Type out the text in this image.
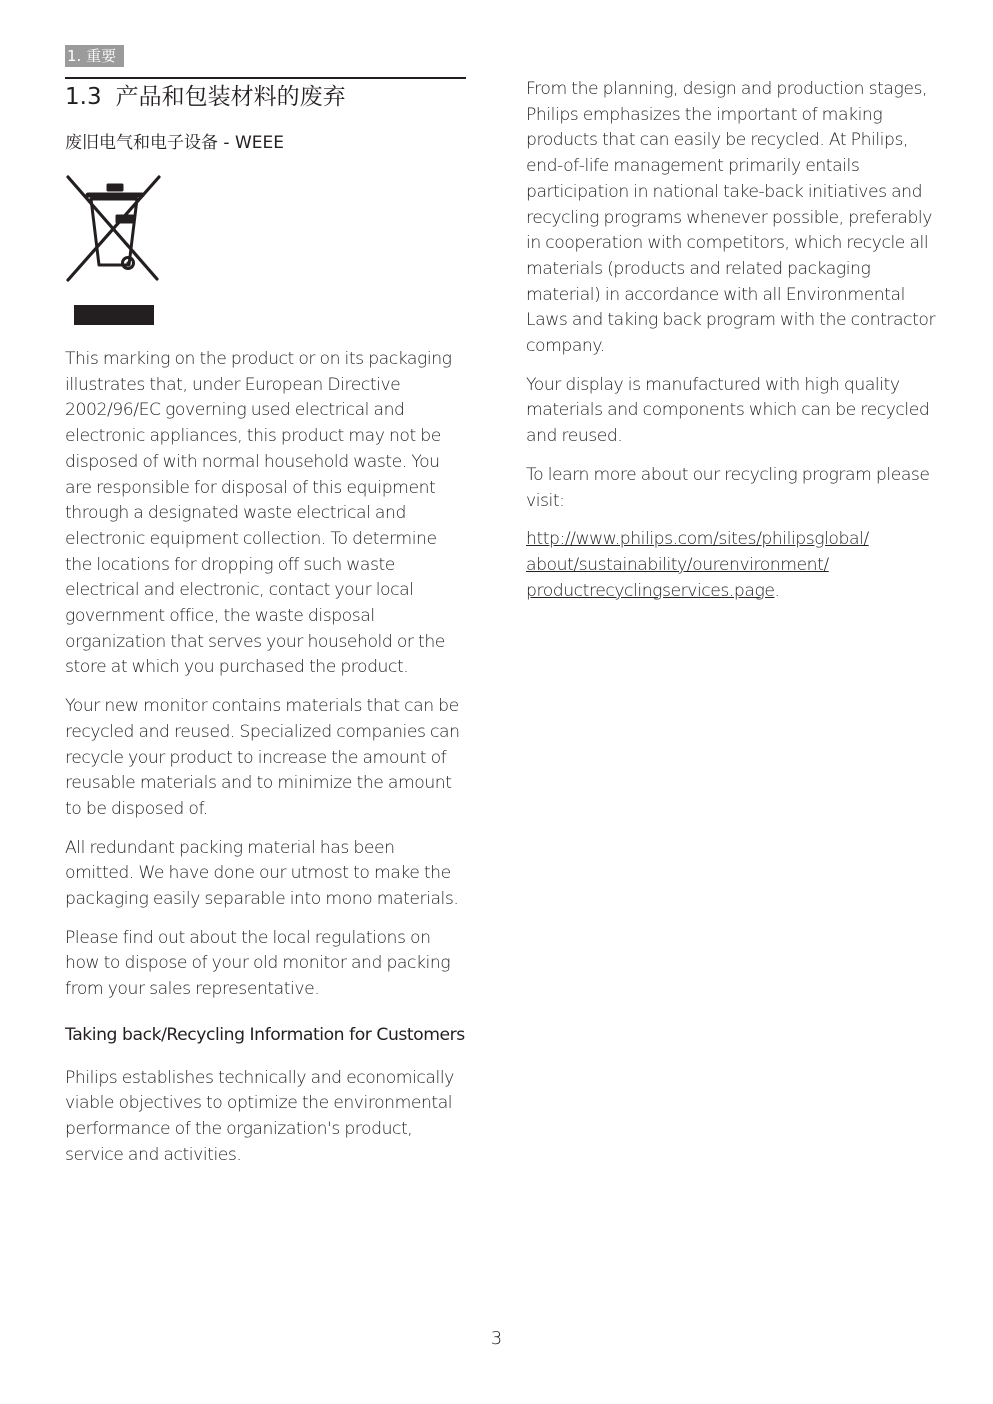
1. 重要
1.3 产品和包装材料的废弃
废旧电气和电子设备 - WEEE

This marking on the product or on its packaging illustrates that, under European Directive 2002/96/EC governing used electrical and electronic appliances, this product may not be disposed of with normal household waste. You are responsible for disposal of this equipment through a designated waste electrical and electronic equipment collection. To determine the locations for dropping off such waste electrical and electronic, contact your local government office, the waste disposal organization that serves your household or the store at which you purchased the product.

Your new monitor contains materials that can be recycled and reused. Specialized companies can recycle your product to increase the amount of reusable materials and to minimize the amount to be disposed of.

All redundant packing material has been omitted. We have done our utmost to make the packaging easily separable into mono materials.

Please find out about the local regulations on how to dispose of your old monitor and packing from your sales representative.

Taking back/Recycling Information for Customers

Philips establishes technically and economically viable objectives to optimize the environmental performance of the organization's product, service and activities.

From the planning, design and production stages, Philips emphasizes the important of making products that can easily be recycled. At Philips, end-of-life management primarily entails participation in national take-back initiatives and recycling programs whenever possible, preferably in cooperation with competitors, which recycle all materials (products and related packaging material) in accordance with all Environmental Laws and taking back program with the contractor company.

Your display is manufactured with high quality materials and components which can be recycled and reused.

To learn more about our recycling program please visit:

http://www.philips.com/sites/philipsglobal/
about/sustainability/ourenvironment/
productrecyclingservices.page.

3
